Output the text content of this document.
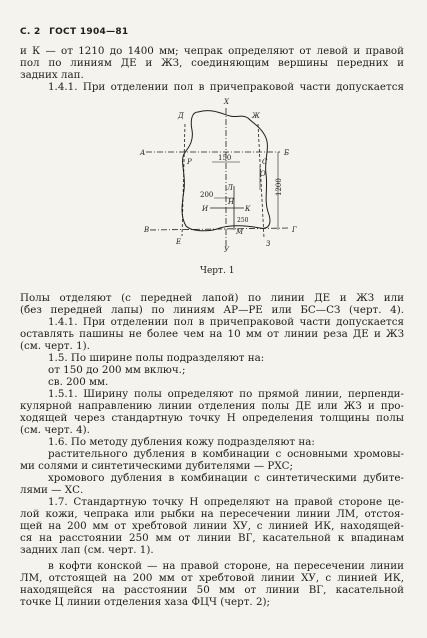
С. 2 ГОСТ 1904—81
и К — от 1210 до 1400 мм; чепрак определяют от левой и правой
пол по линиям ДЕ и ЖЗ, соединяющим вершины передних и
задних лап.
1.4.1. При отделении пол в причепраковой части допускается
X
Д	Ж
А	Б
Р	С
150
О
200
Л
Н
И	К
250
1200
М
В	Г
Е	З
У
Черт. 1
Полы отделяют (с передней лапой) по линии ДЕ и ЖЗ или
(без передней лапы) по линиям АР—РЕ или БС—СЗ (черт. 4).
1.4.1. При отделении пол в причепраковой части допускается
оставлять пашины не более чем на 10 мм от линии реза ДЕ и ЖЗ
(см. черт. 1).
1.5. По ширине полы подразделяют на:
от 150 до 200 мм включ.;
св. 200 мм.
1.5.1. Ширину полы определяют по прямой линии, перпенди-
кулярной направлению линии отделения полы ДЕ или ЖЗ и про-
ходящей через стандартную точку Н определения толщины полы
(см. черт. 4).
1.6. По методу дубления кожу подразделяют на:
растительного дубления в комбинации с основными хромовы-
ми солями и синтетическими дубителями — РХС;
хромового дубления в комбинации с синтетическими дубите-
лями — ХС.
1.7. Стандартную точку Н определяют на правой стороне це-
лой кожи, чепрака или рыбки на пересечении линии ЛМ, отстоя-
щей на 200 мм от хребтовой линии ХУ, с линией ИК, находящей-
ся на расстоянии 250 мм от линии ВГ, касательной к впадинам
задних лап (см. черт. 1).
в кофти конской — на правой стороне, на пересечении линии
ЛМ, отстоящей на 200 мм от хребтовой линии ХУ, с линией ИК,
находящейся на расстоянии 50 мм от линии ВГ, касательной
точке Ц линии отделения хаза ФЦЧ (черт. 2);
